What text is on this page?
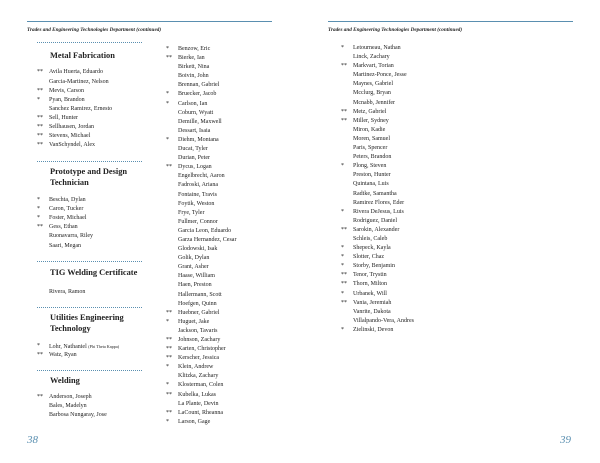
Trades and Engineering Technologies Department (continued)	Trades and Engineering Technologies Department (continued)
Metal Fabrication
**	Avila Huerta, Eduardo
Garcia-Martinez, Nelson
**	Mevis, Carson
*	Pyan, Brandon
Sanchez Ramirez, Ernesto
**	Sell, Hunter
**	Sellhausen, Jordan
**	Stevens, Michael
**	VanSchyndel, Alex
Prototype and Design Technician
*	Beschta, Dylan
*	Caron, Tucker
*	Foster, Michael
**	Gess, Ethan
Ruonavarra, Riley
Saari, Megan
TIG Welding Certificate
Rivera, Ramon
Utilities Engineering Technology
*	Lohr, Nathaniel (Phi Theta Kappa)
**	Watz, Ryan
Welding
**	Anderson, Joseph
Bales, Madelyn
Barbosa Nungaray, Jose
*	Benzow, Eric
**	Bierke, Ian
Birkett, Nina
Boivin, John
Brennan, Gabriel
*	Bruecker, Jacob
*	Carlson, Ian
Coburn, Wyatt
Demille, Maxwell
Dessart, Isaia
*	Diehm, Montana
Ducat, Tyler
Durian, Peter
**	Dycus, Logan
Engelbrecht, Aaron
Fadroski, Ariana
Fontaine, Travis
Foytik, Weston
Frye, Tyler
Fullmer, Connor
Garcia Leon, Eduardo
Garza Hernandez, Cesar
Glodowski, Isak
Golik, Dylan
Grant, Asher
Haase, William
Haen, Preston
Hallermann, Scott
Hoefgen, Quinn
**	Huebner, Gabriel
*	Huguet, Jake
Jackson, Tavaris
**	Johnson, Zachary
**	Karten, Christopher
**	Kerscher, Jessica
*	Klein, Andrew
Klitzka, Zachary
*	Klosterman, Colen
**	Kubelka, Lukas
La Plante, Devin
**	LaCount, Rheanna
*	Larson, Gage
*	Letourneau, Nathan
Linck, Zachary
**	Markvart, Torian
Martinez-Ponce, Jesse
Maynes, Gabriel
Mcclurg, Bryan
Mcnabb, Jennifer
**	Metz, Gabriel
**	Miller, Sydney
Miron, Kadie
Moren, Samuel
Paris, Spencer
Peters, Brandon
*	Plong, Steven
Preston, Hunter
Quintana, Luis
Radtke, Samantha
Ramirez Flores, Eder
*	Rivera DeJesus, Luis
Rodriguez, Daniel
**	Sarokin, Alexander
Schleis, Caleb
*	Shepeck, Kayla
*	Slotter, Chaz
*	Storby, Benjamin
**	Tenor, Trystin
**	Thorn, Milton
*	Urbanek, Will
**	Vania, Jeremiah
Vanrite, Dakota
Villalpando-Vera, Andres
*	Zielinski, Devon
38	39
